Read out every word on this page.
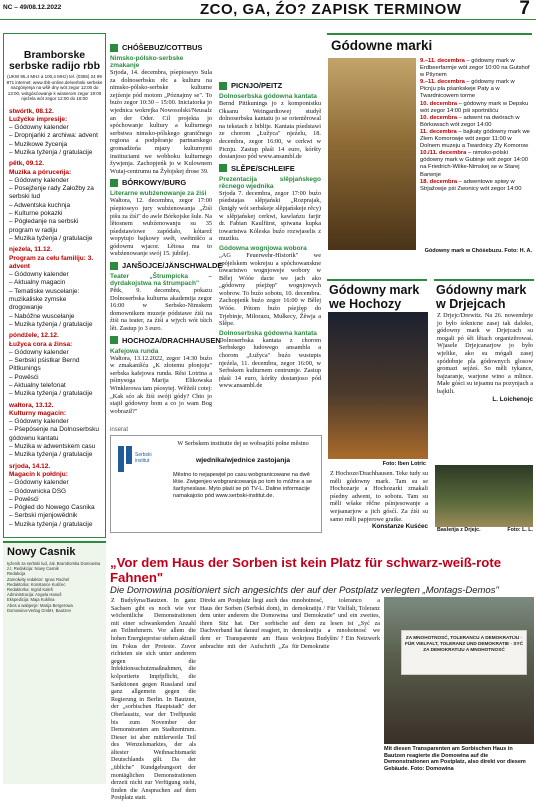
NC – 49/08.12.2022	ZCO, GA, ŹO? ZAPISK TERMINOW	7
Bramborske serbske radijo rbb
(UKW 95,4 MHz a 100,4 MHz) tel. (0355) 24 99 871 internet: www.rbb-online.de/serbski serbske nazgónjenja na wšě dny wót zegor 12:00 do 13:00, wótgósćowanje k wiaserom zegor 19:00 njeźela wót zegor 12:00 do 16:00
stwórtk, 08.12.
Lužyćke impresije:
– Gódowny kalender
– Dropnjańki z archiwa: advent
– Muzikowe žycenja
– Muzika tyźenja / gratulacije
pětk, 09.12.
Muzika a póruceńja:
– Gódowny kalender
– Posejźenje rady Załožby za serbski lud
– Adwentska kuchnja
– Kulturne pokazki
– Pógledanje na serbski program w radiju
– Muzika tyźenja / gratulacije
njeźela, 11.12.
Program za cełu familiju: 3. advent
– Gódowny kalender
– Aktualny magacin
– Tematiske wuscełanje: muzikaliske zymske drogowanje
– Nabóžne wuscełanje
– Muzika tyźenja / gratulacije
póndźele, 12.12.
Łužyca cora a źinsa:
– Gódowny kalender
– Serbski pśistkar Bernd Pittkunings
– Powěsći
– Aktualny telefonat
– Muzika tyźenja / gratulacije
wałtora, 13.12.
Kulturny magacin:
– Gódowny kalender
– Pśepósenje na Dolnoserbsku gódownu kantatu
– Muzika w adwentskem casu
– Muzika tyźenja / gratulacije
srjoda, 14.12.
Magacin k połdnju:
– Gódowny kalender
– Gódownicka DSG
– Powěsći
– Pógled do Nowego Casnika
– Serbski mjenjowědnik
– Muzika tyźenja / gratulacije
Nowy Casnik

tyźenik za serbski lud, zał. Bramborska Domowina z.t. Redakcija: Nowy Casnik

Redakcija

Zamołwity redaktor: Ignac Rachel

Redaktorka: Konstance Kuśćec

Redaktorka: Ingrid Kaleš

Administracija: Angela Hanuš

Ekspedicija: Maja Kuklina

Abos a wabjenje: Marija Bergerowa

Domowina-Verlag GmbH, Bautzen

CHÓŠEBUZ/COTTBUS
Nimsko-pólsko-serbske zmakanje
Srjoda, 14. decembra, pśepioseyo Sula za dolnoserbsku rěc a kulturu na nimsko-pólsko-serbske kulturne zejźenje pód motom „Póznajmy se". To buźo zegor 10:30 – 15:00. Iniciatorka jo wjednica wokrejka Nowosolski/Neusalz an der Oder. Cil projekta jo spóchowanje kultury a kulturnego serbstwa nimsko-pólskego graničnego regiona a podpěranje partnarskego gromadźeńa mjazy kulturnymi instituciami we wobhoku kulturnego žywjenja. Zachopjeńk jo w Kulownem Wutaj-centrumu na Žyłojskej drose 39.
BÓRKOWY/BURG
Literarne wubźenowanje za źiśi
Wałtora, 12. decembra, zegor 17:00 pśepioseyo jury wubźenowanja „Źiśi pišu za źiśi" do awle Bórkojske šule. Na lětosnem wubźenowanju su 35 pśedstawiowe zapódało, kótarež wopytujo bajkowy swět, swětnišćo a gódownu wjacor. Lětosa ma to wubźenowanje swój 15. jubilej.
JANŠOJCE/JÄNSCHWALDE
Teater „Štrumpicka – dyrdakojstwa na štrumpach"
Pětk, 9. decembra, pokazu Dolnoserbska kulturna akademija zegor 16:00 w Serbsko-Nimskem domownikem muzeje pódstawe źiśi na źiśi na teater, za źiśi a wjych wót tśich lět. Zastup jo 3 euro.
HOCHOZA/DRACHHAUSEN
Kafejowa runda
Wałtora, 13.12.2022, zegor 14:30 buźo w zmakanišću „K złotemu płonjoju" serbska kafejowa runda. Rěsi Lotrina a pśinysoga Marija Elikowska Winklerowa tam pśosytej. Wěžeši cotej: „Kak sćo ak žiśi swóji gódy? Chto jo stajił gódowny bom a co jo wam Bog wobraził?"
PICNJO/PEITZ
Dolnoserbska gódowna kantata
Bernd Pittkunings jo z komponistku Oksanu Weingardtowej studył dolnoserbsku kantatu jo se orientěrowal na tekstach z biblije. Kantata pśedstawi ze chorom „Łužyca" njeźelu, 18. decembra, zegor 16:00, w cerkwi w Picnju. Zastup płaśi 14 euro, kóršty dostanjoso pód www.ansambl.de
SLĚPE/SCHLEIFE
Prezentacija slěpjańskego rěcnego wjednika
Srjoda 7. decembra, zegor 17:00 buźo pśedstajas slěpjański „Rozprajak, (knigły wót serbskeje slěpjańskeje rěcy) w slěpjańskej cerkwi, kawlańzu farjir dr. Fabian Kaulfürst, spiwana kupka towaristwa Kóleska buźo rozwjaselis z muziku.
Gódowna wognjowa wobora
„AG Feuerwehr-Historik" we spójelskem wokrejsu a spóchowanskne towaristwo wognjoweje wobory w Bělej Wóóe dacte we jach ako „gódowny pśejżęp" wognjowych wobrow. To buźo sobotu, 10. decembra. Zachopjeńk buźo zegor 16:00 w Bělej Wóóe. Pótom buźo pśejźęp do Trjebinje, Miłorazu, Mułkecy, Žěwja a Slěpe.
Dolnoserbska gódowna kantata
Dolnoserbska kantata z chorom Serbskego ludowego ansambla a chorom „Łužyca" buźo wustupis njeźela, 11. decembra, zegor 16:00, w Serbskem kulturnem centrumje. Zastup płaśi 14 euro, kóršty dostanjoso pód www.ansambl.de
Gódowne marki
9.–11. decembra – gódowny mark w Erdbeerfarmje wót zegor 10:00 na Gutshof w Pšynem
9.–11. decembra – gódowny mark w Picnju pla pśankskeje Paty a w Twardnicowem torme
10. decembra – gódowny mark w Depsku wót zegor 14:00 pśi sportnišću
10. decembra – adwent na dwórach w Bórkowach wót zegor 14:00
11. decembra – bajkaty gódowny mark we Złem Komorowje wót zegor 11:00 w Dolnem muzeju a Twardnicy Zly Komorow
10./11. decembra – nimsko-pólski gódowny mark w Gubinje wót zegor 14:00 na Friedrich-Wilke-Nimskej se w Starej Barwnje
18. decembra – adwentowe spiwy w Strjažowje pśi Zwonicy wót zegor 14:00
Gódowny mark w Chóśebuzu. Foto: H. A.
Gódowny mark we Hochozy
Gódowny mark w Drjejcach
Foto: Iben Lotric
Z Hochoze/Drachhausen. Teke tudy su měli gódowny mark. Tam su se Hochozarje a Hochozarki zmakali pśedny adwent, to sobotu. Tam su měli wšake rěčne pśinjesowanje a wejsanarjow a jich gósćí. Za źiśi su samo měli papjerowe gratke.
Konstanze Kuśćec
Z Drjejc/Drewitz. Na 26. nowembrje jo było śoknicne zasej tak daloko, gódowny mark w Drjejcach su mogali pó śěi lětach organizěrowaś. Wjasele Drjejcanarjow jo było wjelike, ako su mógali zasej spódobnje pla gódownych glosow gromazi sejźeś. So měli tykance, bajzaranje, warjone wino a mlince. Małe góści su tejsamu na pozynjach a bajkili.
L. Loichenojc
Basleńja z Drjejc.	Foto: L. L.
inserat
Serbski
institut
W Serbskem institutie dej se wobsajźiś połne městno
wjednika/wjednice zastojanja
Městno to nejapewjeł po casu wobgranicowane na dwě lěśe. Zwigenjeo wobgranicowanja po tom to móžne a se šaršyneslase. Myto płaśi se pó TV-L. Daline informacije namakajośo pód www.serbski-institut.de.
„Vor dem Haus der Sorben ist kein Platz für schwarz-weiß-rote Fahnen"
Die Domowina positioniert sich angesichts der auf der Postplatz verlegten „Montags-Demos"
Z Budyšyna/Bautzen. In ganz Sachsen gibt es noch wie vor wöchentliche Demonstrationen mit einer schwankenden Anzahl an Teilnehmern. Vor allem die hohen Energiepreise stehen aktuell im Fokus der Proteste. Zuvor richteten sie sich unter anderem gegen die Infektionsschutzmaßnahmen, die kolportierte Impfpflicht, die Sanktionen gegen Russland und ganz allgemein gegen die Regierung in Berlin. In Bautzen, der „sorbischen Hauptstadt" der Oberlausitz, war der Treffpunkt bis zum November der Demonstranten am Stadtzentrum. Dieser ist aber mittlerweile Teil des Wenzelsmarktes, der als ältester Weihnachtsmarkt Deutschlands gilt. Da der „übliche" Kundgebungsort der montäglichen Demonstrationen derzeit nicht zur Verfügung steht, finden die Ansprachen auf dem Postplatz statt.
Direkt am Postplatz liegt auch das Haus der Sorben (Serbski dom), in dem unter anderem die Domowina ihren Sitz hat. Der sorbische Dachverband hat darauf reagiert, in dem er Transparente am Haus anbrachte mit der Aufschrift „Za mnohotnosć, toleranco a demokratiju / Für Vielfalt, Toleranz und Demokratie" und ein zweites, auf dem zu lesen ist „Syć za demokratiju a mnohotnosć we wokrjesu Budyšin/ ? Ein Netzwerk für Demokratie
ZA MNOHOTNOSĆ, TOLERANCU A DEMOKRATIJU · FÜR VIELFALT, TOLERANZ UND DEMOKRATIE · SYĆ ZA DEMOKRATIJU A MNOHOTNOSĆ
Mit diesen Transparenten am Sorbischen Haus in Bautzen reagierte die Domowina auf die Demonstrationen am Postplatz, also direkt vor diesem Gebäude. Foto: Domowina
